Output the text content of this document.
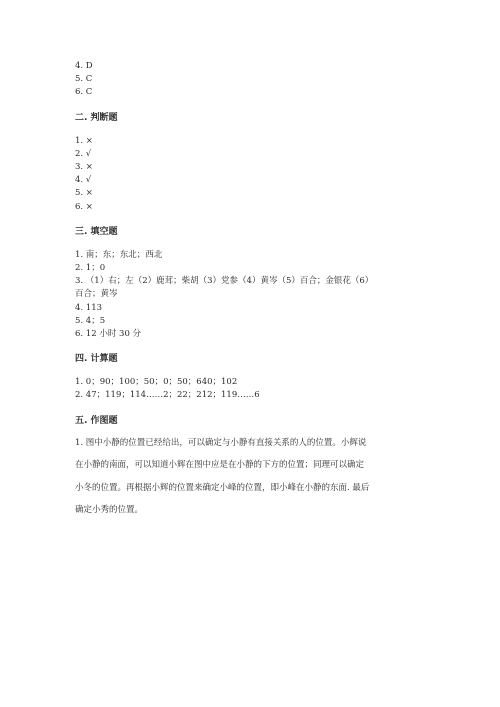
4. D
5. C
6. C
二. 判断题
1. ×
2. √
3. ×
4. √
5. ×
6. ×
三. 填空题
1. 南；东；东北；西北
2. 1；0
3. （1）右；左（2）鹿茸；柴胡（3）党参（4）黄岑（5）百合；金银花（6）
百合；黄岑
4. 113
5. 4；5
6. 12 小时 30 分
四. 计算题
1. 0；90；100；50；0；50；640；102
2. 47；119；114……2；22；212；119……6
五. 作图题
1. 图中小静的位置已经给出，可以确定与小静有直接关系的人的位置。小辉说
在小静的南面，可以知道小辉在图中应是在小静的下方的位置；同理可以确定
小冬的位置。再根据小辉的位置来确定小峰的位置，即小峰在小静的东面. 最后
确定小秀的位置。
